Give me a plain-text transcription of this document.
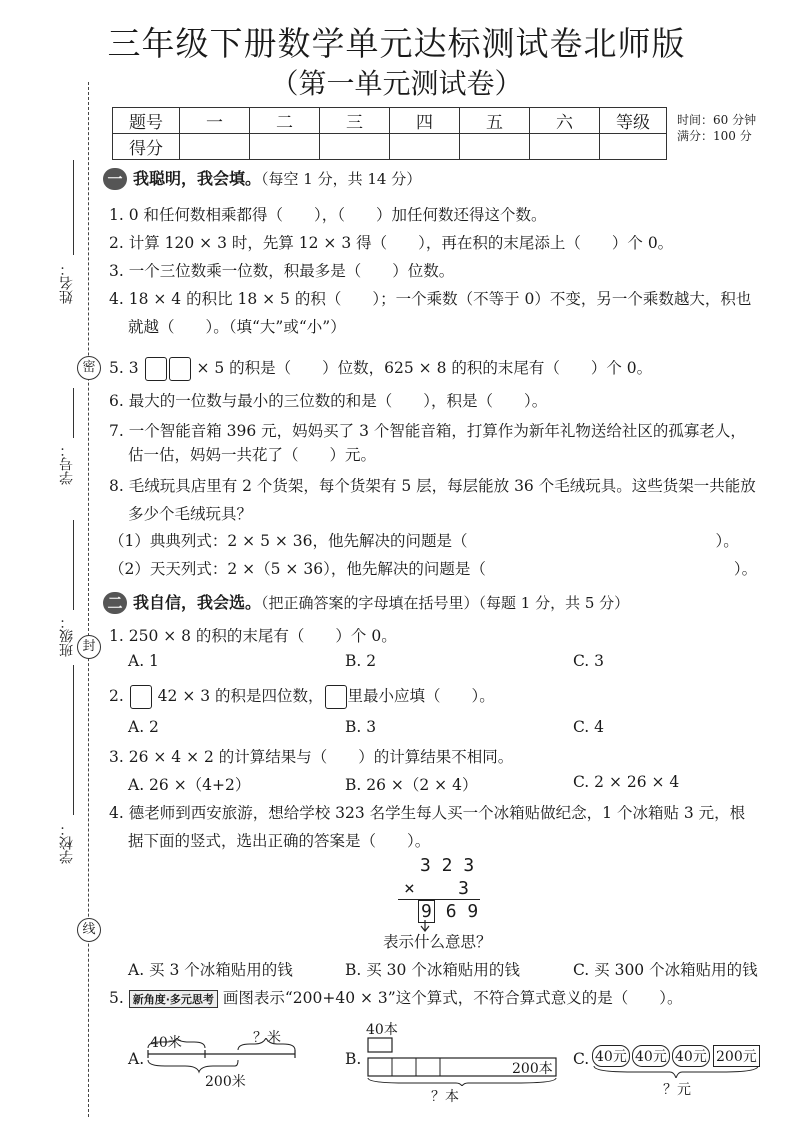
三年级下册数学单元达标测试卷北师版
（第一单元测试卷）
题号	一	二	三	四	五	六	等级
得分							
时间：60 分钟
满分：100 分
姓名：
密
学号：
班级： 封
学校：
线
一 我聪明，我会填。（每空 1 分，共 14 分）
1. 0 和任何数相乘都得（　　），（　　）加任何数还得这个数。
2. 计算 120 × 3 时，先算 12 × 3 得（　　），再在积的末尾添上（　　）个 0。
3. 一个三位数乘一位数，积最多是（　　）位数。
4. 18 × 4 的积比 18 × 5 的积（　　）；一个乘数（不等于 0）不变，另一个乘数越大，积也
就越（　　）。（填“大”或“小”）
5. 3	× 5 的积是（　　）位数，625 × 8 的积的末尾有（　　）个 0。
6. 最大的一位数与最小的三位数的和是（　　），积是（　　）。
7. 一个智能音箱 396 元，妈妈买了 3 个智能音箱，打算作为新年礼物送给社区的孤寡老人，
估一估，妈妈一共花了（　　）元。
8. 毛绒玩具店里有 2 个货架，每个货架有 5 层，每层能放 36 个毛绒玩具。这些货架一共能放
多少个毛绒玩具？
（1）典典列式：2 × 5 × 36，他先解决的问题是（　　　　　　　　　　　　　　　　）。
（2）天天列式：2 ×（5 × 36），他先解决的问题是（　　　　　　　　　　　　　　　　）。
二 我自信，我会选。（把正确答案的字母填在括号里）（每题 1 分，共 5 分）
1. 250 × 8 的积的末尾有（　　）个 0。
A. 1	B. 2	C. 3
2. 42 × 3 的积是四位数， 里最小应填（　　）。
A. 2	B. 3	C. 4
3. 26 × 4 × 2 的计算结果与（　　）的计算结果不相同。
A. 26 ×（4+2）	B. 26 ×（2 × 4）	C. 2 × 26 × 4
4. 德老师到西安旅游，想给学校 323 名学生每人买一个冰箱贴做纪念，1 个冰箱贴 3 元，根
据下面的竖式，选出正确的答案是（　　）。
3 2 3
×    3
9 6 9
表示什么意思？
A. 买 3 个冰箱贴用的钱	B. 买 30 个冰箱贴用的钱	C. 买 300 个冰箱贴用的钱
5. 新角度·多元思考 画图表示“200+40 × 3”这个算式，不符合算式意义的是（　　）。
A.
40米	？米
200米
B.
40本
200本
？本
C. 40元 40元 40元 200元
？元
